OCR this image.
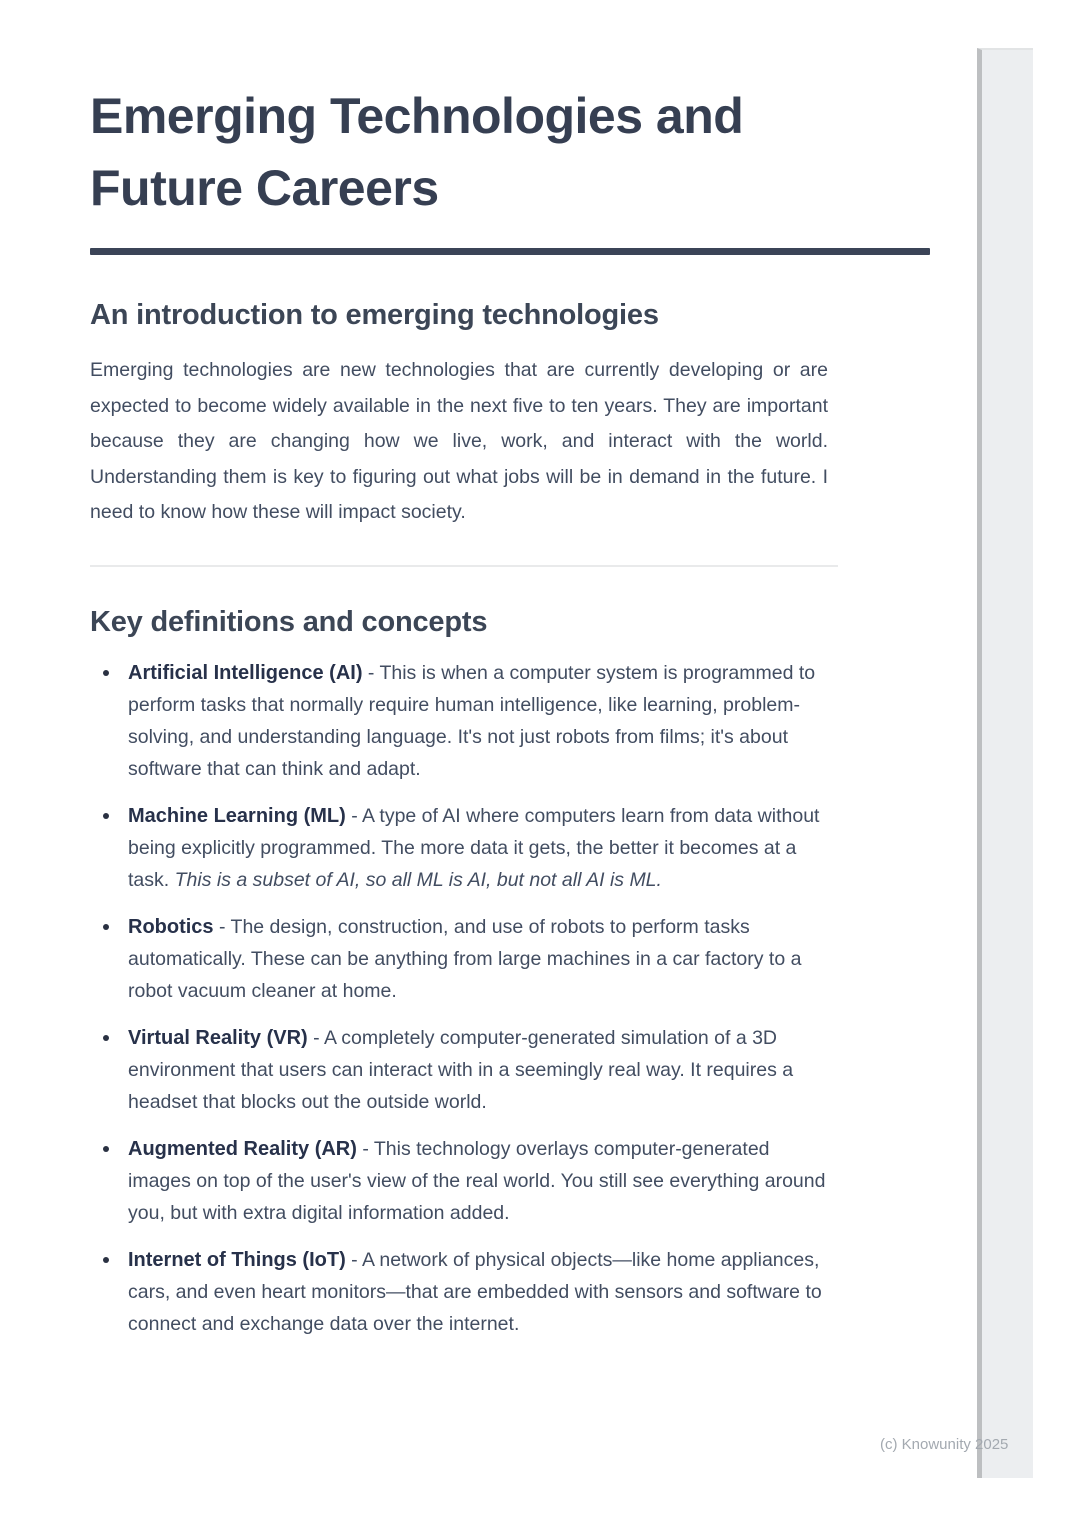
Emerging Technologies and
Future Careers
An introduction to emerging technologies

Emerging technologies are new technologies that are currently developing or are expected to become widely available in the next five to ten years. They are important because they are changing how we live, work, and interact with the world. Understanding them is key to figuring out what jobs will be in demand in the future. I need to know how these will impact society.

Key definitions and concepts
Artificial Intelligence (AI) - This is when a computer system is programmed to perform tasks that normally require human intelligence, like learning, problem-solving, and understanding language. It's not just robots from films; it's about software that can think and adapt.
Machine Learning (ML) - A type of AI where computers learn from data without being explicitly programmed. The more data it gets, the better it becomes at a task. This is a subset of AI, so all ML is AI, but not all AI is ML.
Robotics - The design, construction, and use of robots to perform tasks automatically. These can be anything from large machines in a car factory to a robot vacuum cleaner at home.
Virtual Reality (VR) - A completely computer-generated simulation of a 3D environment that users can interact with in a seemingly real way. It requires a headset that blocks out the outside world.
Augmented Reality (AR) - This technology overlays computer-generated images on top of the user's view of the real world. You still see everything around you, but with extra digital information added.
Internet of Things (IoT) - A network of physical objects—like home appliances, cars, and even heart monitors—that are embedded with sensors and software to connect and exchange data over the internet.
(c) Knowunity 2025
